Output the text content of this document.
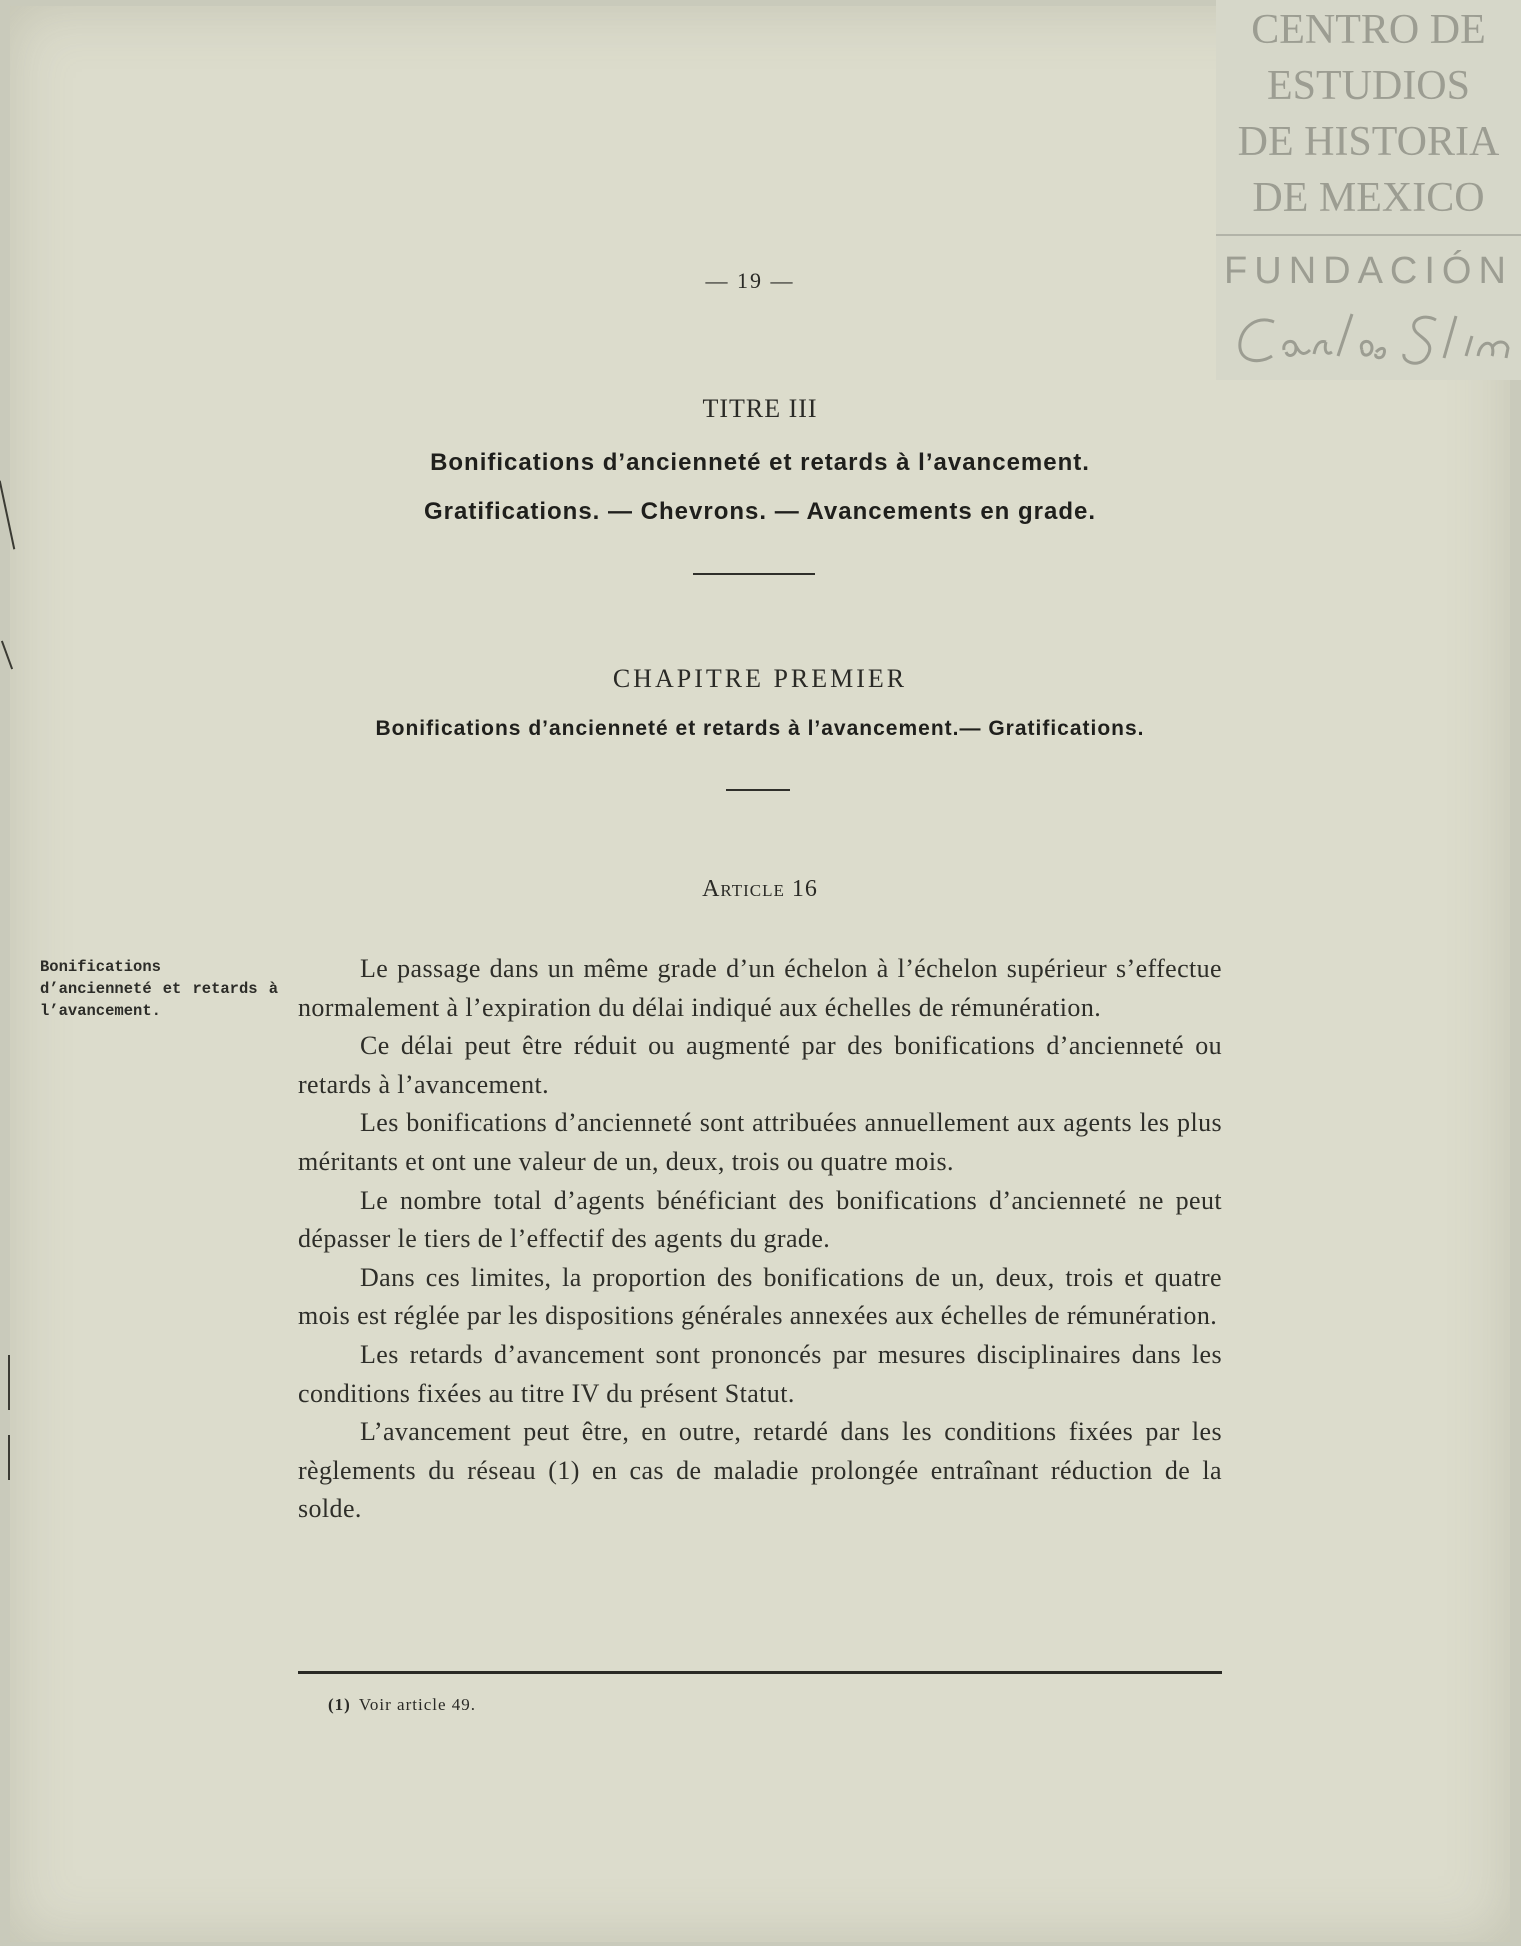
— 19 —
TITRE III
Bonifications d’ancienneté et retards à l’avancement.
Gratifications. — Chevrons. — Avancements en grade.
CHAPITRE PREMIER
Bonifications d’ancienneté et retards à l’avancement.— Gratifications.
Article 16
Bonifications d’ancienneté et retards à l’avancement.

Le passage dans un même grade d’un échelon à l’échelon supérieur s’effectue normalement à l’expiration du délai indiqué aux échelles de rémunération.

Ce délai peut être réduit ou augmenté par des bonifications d’ancienneté ou retards à l’avancement.

Les bonifications d’ancienneté sont attribuées annuellement aux agents les plus méritants et ont une valeur de un, deux, trois ou quatre mois.

Le nombre total d’agents bénéficiant des bonifications d’ancienneté ne peut dépasser le tiers de l’effectif des agents du grade.

Dans ces limites, la proportion des bonifications de un, deux, trois et quatre mois est réglée par les dispositions générales annexées aux échelles de rémunération.

Les retards d’avancement sont prononcés par mesures disciplinaires dans les conditions fixées au titre IV du présent Statut.

L’avancement peut être, en outre, retardé dans les conditions fixées par les règlements du réseau (1) en cas de maladie prolongée entraînant réduction de la solde.

(1) Voir article 49.
CENTRO DE
ESTUDIOS
DE HISTORIA
DE MEXICO
FUNDACIÓN
